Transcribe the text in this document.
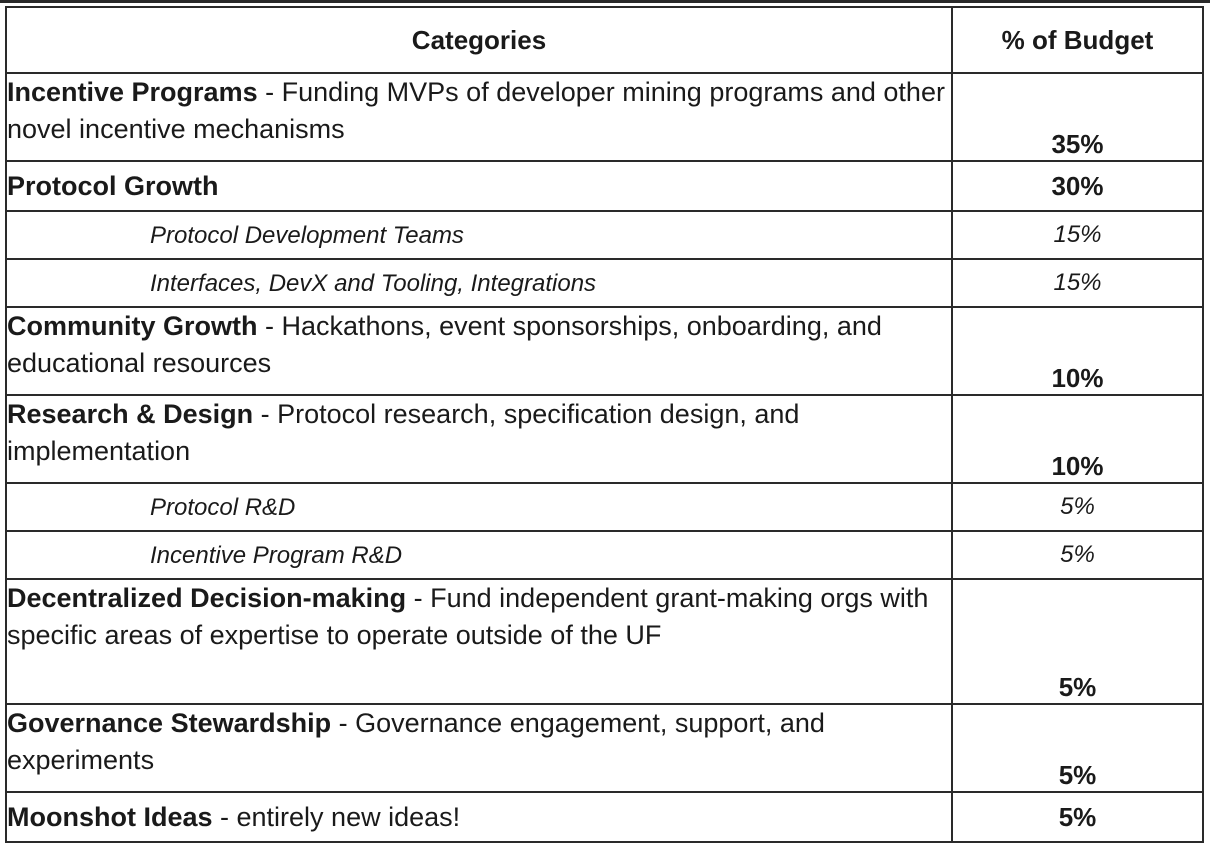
Categories	% of Budget
Incentive Programs - Funding MVPs of developer mining programs and other novel incentive mechanisms	35%
Protocol Growth	30%
Protocol Development Teams	15%
Interfaces, DevX and Tooling, Integrations	15%
Community Growth - Hackathons, event sponsorships, onboarding, and educational resources	10%
Research & Design - Protocol research, specification design, and implementation	10%
Protocol R&D	5%
Incentive Program R&D	5%
Decentralized Decision-making - Fund independent grant-making orgs with specific areas of expertise to operate outside of the UF	5%
Governance Stewardship - Governance engagement, support, and experiments	5%
Moonshot Ideas - entirely new ideas!	5%
